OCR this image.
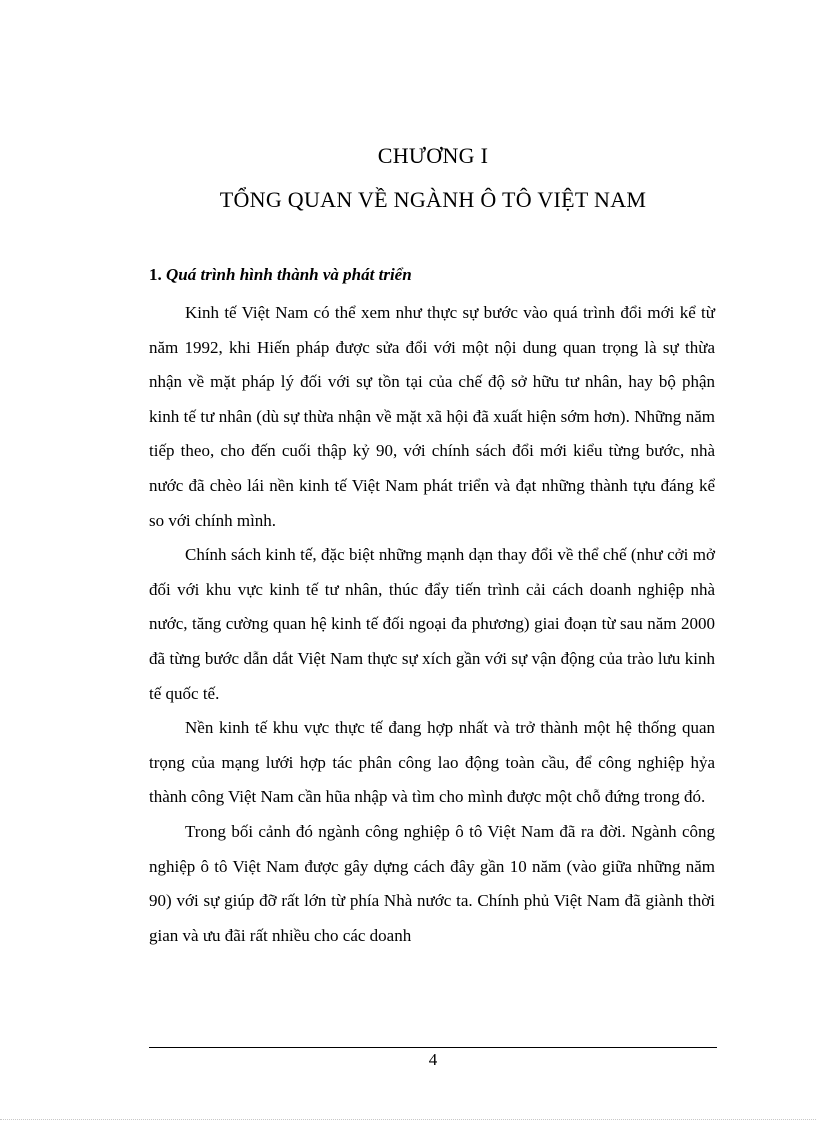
CHƯƠNG I
TỔNG QUAN VỀ NGÀNH Ô TÔ VIỆT NAM
1. Quá trình hình thành và phát triển

Kinh tế Việt Nam có thể xem như thực sự bước vào quá trình đổi mới kể từ năm 1992, khi Hiến pháp được sửa đổi với một nội dung quan trọng là sự thừa nhận về mặt pháp lý đối với sự tồn tại của chế độ sở hữu tư nhân, hay bộ phận kinh tế tư nhân (dù sự thừa nhận về mặt xã hội đã xuất hiện sớm hơn). Những năm tiếp theo, cho đến cuối thập kỷ 90, với chính sách đổi mới kiểu từng bước, nhà nước đã chèo lái nền kinh tế Việt Nam phát triển và đạt những thành tựu đáng kể so với chính mình.

Chính sách kinh tế, đặc biệt những mạnh dạn thay đổi về thể chế (như cởi mở đối với khu vực kinh tế tư nhân, thúc đẩy tiến trình cải cách doanh nghiệp nhà nước, tăng cường quan hệ kinh tế đối ngoại đa phương) giai đoạn từ sau năm 2000 đã từng bước dẫn dắt Việt Nam thực sự xích gần với sự vận động của trào lưu kinh tế quốc tế.

Nền kinh tế khu vực thực tế đang hợp nhất và trở thành một hệ thống quan trọng của mạng lưới hợp tác phân công lao động toàn cầu, để công nghiệp hỷa thành công Việt Nam cần hũa nhập và tìm cho mình được một chỗ đứng trong đó.

Trong bối cảnh đó ngành công nghiệp ô tô Việt Nam đã ra đời. Ngành công nghiệp ô tô Việt Nam được gây dựng cách đây gần 10 năm (vào giữa những năm 90) với sự giúp đỡ rất lớn từ phía Nhà nước ta. Chính phủ Việt Nam đã giành thời gian và ưu đãi rất nhiều cho các doanh

4
